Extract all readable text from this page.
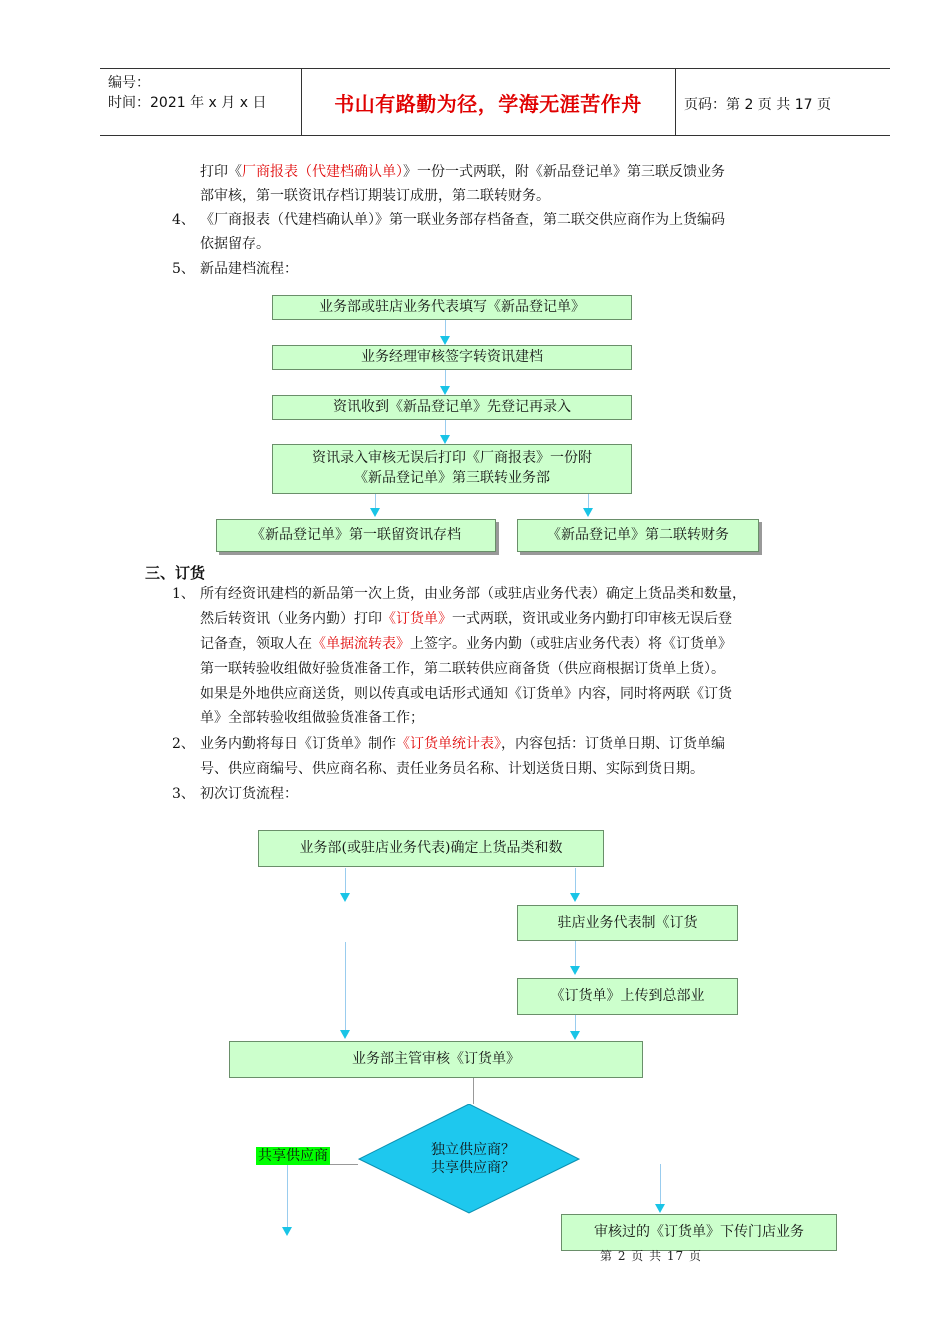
编号：
时间：2021 年 x 月 x 日	书山有路勤为径，学海无涯苦作舟	页码：第 2 页 共 17 页
打印《厂商报表（代建档确认单）》一份一式两联，附《新品登记单》第三联反馈业务
部审核，第一联资讯存档订期装订成册，第二联转财务。
4、 《厂商报表（代建档确认单）》第一联业务部存档备查，第二联交供应商作为上货编码
依据留存。
5、 新品建档流程：
业务部或驻店业务代表填写《新品登记单》
业务经理审核签字转资讯建档
资讯收到《新品登记单》先登记再录入
资讯录入审核无误后打印《厂商报表》一份附
《新品登记单》第三联转业务部
《新品登记单》第一联留资讯存档	《新品登记单》第二联转财务
三、订货
1、 所有经资讯建档的新品第一次上货，由业务部（或驻店业务代表）确定上货品类和数量，
然后转资讯（业务内勤）打印《订货单》一式两联，资讯或业务内勤打印审核无误后登
记备查，领取人在《单据流转表》上签字。业务内勤（或驻店业务代表）将《订货单》
第一联转验收组做好验货准备工作，第二联转供应商备货（供应商根据订货单上货）。
如果是外地供应商送货，则以传真或电话形式通知《订货单》内容，同时将两联《订货
单》全部转验收组做验货准备工作；
2、 业务内勤将每日《订货单》制作《订货单统计表》，内容包括：订货单日期、订货单编
号、供应商编号、供应商名称、责任业务员名称、计划送货日期、实际到货日期。
3、 初次订货流程：
业务部(或驻店业务代表)确定上货品类和数
驻店业务代表制《订货
《订货单》上传到总部业
业务部主管审核《订货单》
独立供应商？
共享供应商？
共享供应商
审核过的《订货单》下传门店业务
第 2 页 共 17 页
